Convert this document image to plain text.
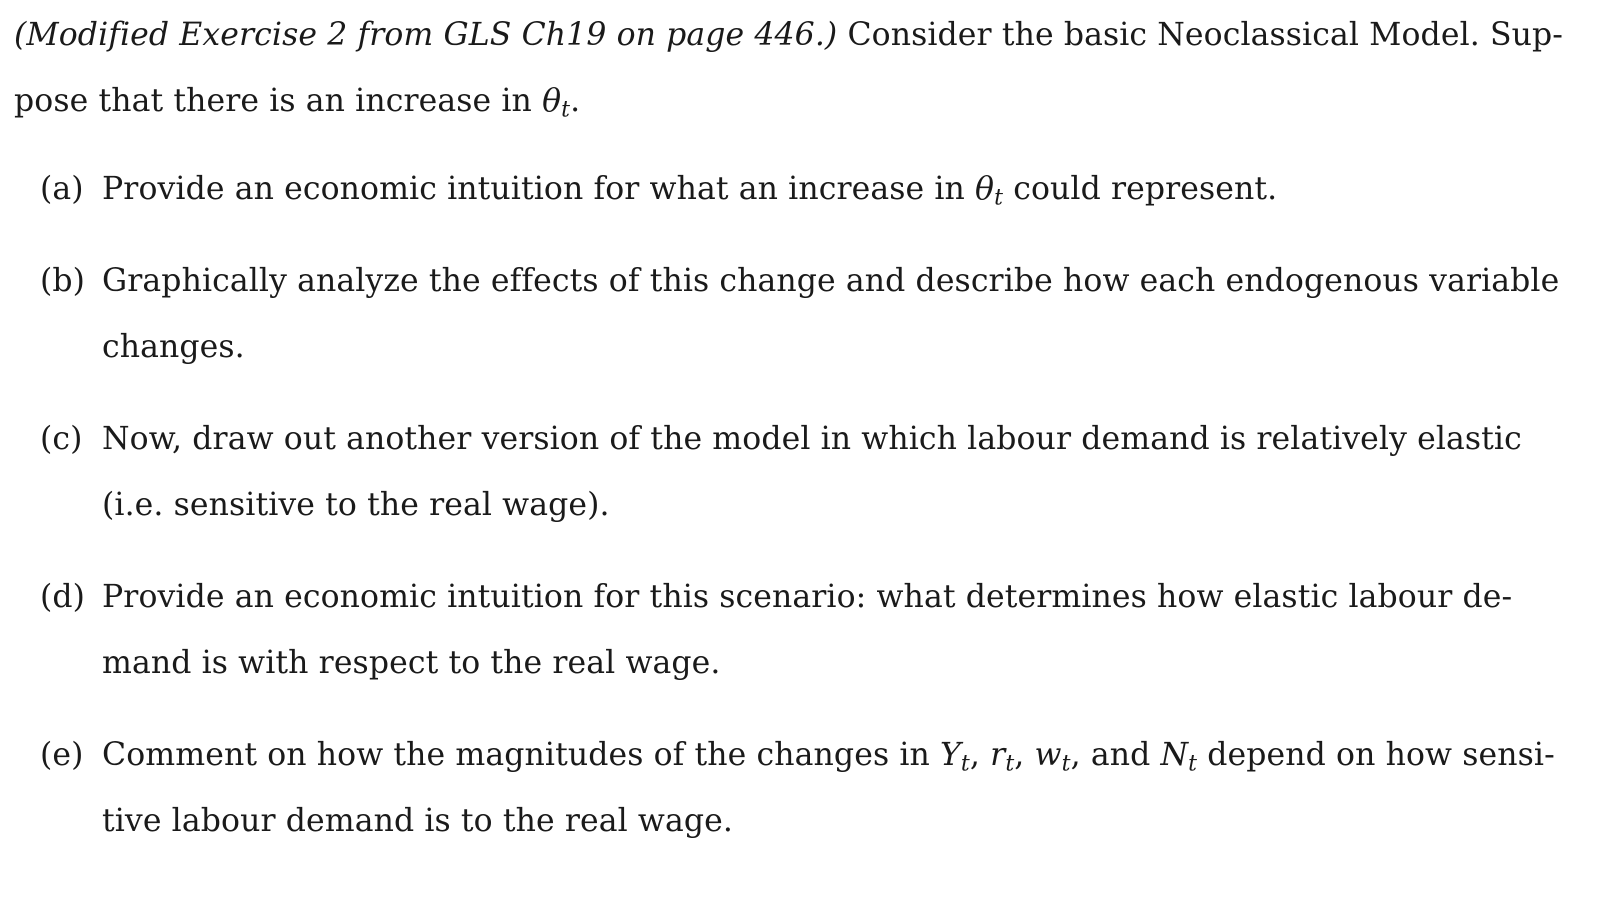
(Modified Exercise 2 from GLS Ch19 on page 446.) Consider the basic Neoclassical Model. Sup-
pose that there is an increase in $\theta_t$.
(a) Provide an economic intuition for what an increase in $\theta_t$ could represent.
(b) Graphically analyze the effects of this change and describe how each endogenous variable
changes.
(c) Now, draw out another version of the model in which labour demand is relatively elastic
(i.e. sensitive to the real wage).
(d) Provide an economic intuition for this scenario: what determines how elastic labour de-
mand is with respect to the real wage.
(e) Comment on how the magnitudes of the changes in $Y_t$, $r_t$, $w_t$, and $N_t$ depend on how sensi-
tive labour demand is to the real wage.
